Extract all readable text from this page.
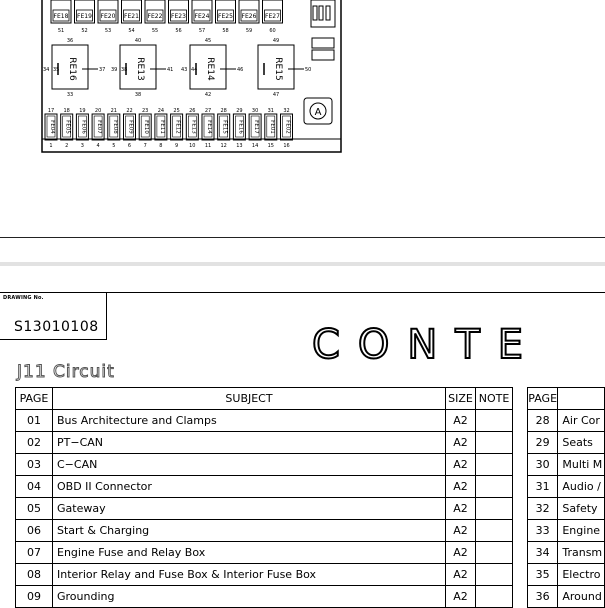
FE18
51
FE19
52
FE20
53
FE21
54
FE22
55
FE23
56
FE24
57
FE25
58
FE26
59
FE27
60
RE16
36
33
34 35	37	RE13
40
38
39 38	41	RE14
45
42
43 44	46	RE15
49
47
50
A
17
FE04
1
18
FE05
2
19
FE06
3
20
FE07
4
21
FE08
5
22
FE09
6
23
FE10
7
24
FE11
8
25
FE12
9
26
FE13
10
27
FE14
11
28
FE15
12
29
FE16
13
30
FE17
14
31
FE01
15
32
FE02
16
DRAWING No.
S13010108	CONTE
J11 Circuit
PAGE	SUBJECT	SIZE	NOTE
01	Bus Architecture and Clamps	A2	
02	PT−CAN	A2	
03	C−CAN	A2	
04	OBD II Connector	A2	
05	Gateway	A2	
06	Start & Charging	A2	
07	Engine Fuse and Relay Box	A2	
08	Interior Relay and Fuse Box & Interior Fuse Box	A2	
09	Grounding	A2	
PAGE	
28	Air Cor
29	Seats
30	Multi M
31	Audio /
32	Safety
33	Engine
34	Transm
35	Electro
36	Around
